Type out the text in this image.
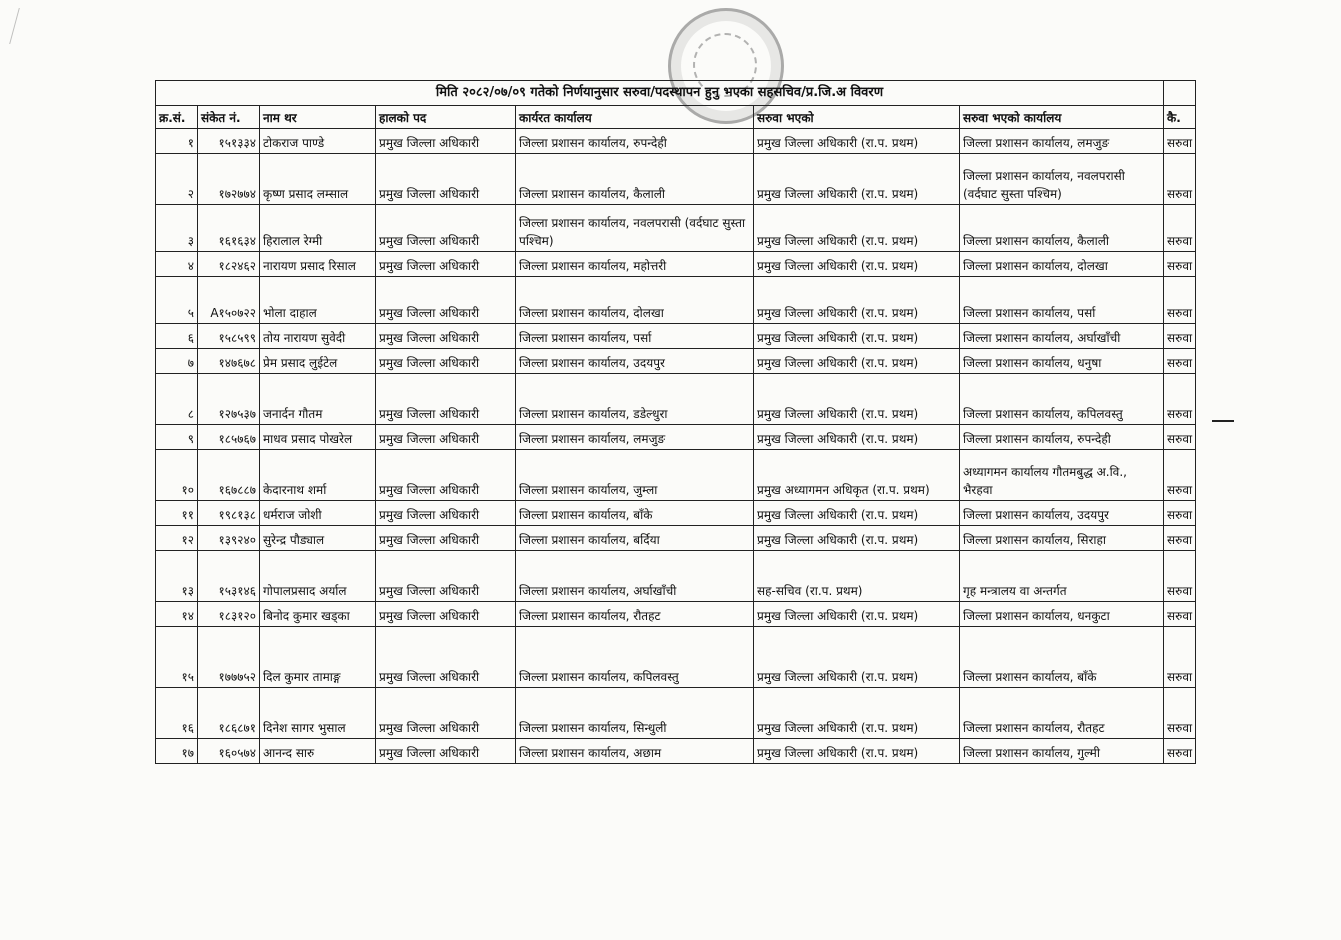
मिति २०८२/०७/०९ गतेको निर्णयानुसार सरुवा/पदस्थापन हुनु भएका सहसचिव/प्र.जि.अ विवरण							
क्र.सं.	संकेत नं.	नाम थर	हालको पद	कार्यरत कार्यालय	सरुवा भएको	सरुवा भएको कार्यालय	कै.
१	१५१३३४	टोकराज पाण्डे	प्रमुख जिल्ला अधिकारी	जिल्ला प्रशासन कार्यालय, रुपन्देही	प्रमुख जिल्ला अधिकारी (रा.प. प्रथम)	जिल्ला प्रशासन कार्यालय, लमजुङ	सरुवा
२	१७२७७४	कृष्ण प्रसाद लम्साल	प्रमुख जिल्ला अधिकारी	जिल्ला प्रशासन कार्यालय, कैलाली	प्रमुख जिल्ला अधिकारी (रा.प. प्रथम)	जिल्ला प्रशासन कार्यालय, नवलपरासी (वर्दघाट सुस्ता पश्चिम)	सरुवा
३	१६१६३४	हिरालाल रेग्मी	प्रमुख जिल्ला अधिकारी	जिल्ला प्रशासन कार्यालय, नवलपरासी (वर्दघाट सुस्ता पश्चिम)	प्रमुख जिल्ला अधिकारी (रा.प. प्रथम)	जिल्ला प्रशासन कार्यालय, कैलाली	सरुवा
४	१८२४६२	नारायण प्रसाद रिसाल	प्रमुख जिल्ला अधिकारी	जिल्ला प्रशासन कार्यालय, महोत्तरी	प्रमुख जिल्ला अधिकारी (रा.प. प्रथम)	जिल्ला प्रशासन कार्यालय, दोलखा	सरुवा
५	A१५०७२२	भोला दाहाल	प्रमुख जिल्ला अधिकारी	जिल्ला प्रशासन कार्यालय, दोलखा	प्रमुख जिल्ला अधिकारी (रा.प. प्रथम)	जिल्ला प्रशासन कार्यालय, पर्सा	सरुवा
६	१५८५९९	तोय नारायण सुवेदी	प्रमुख जिल्ला अधिकारी	जिल्ला प्रशासन कार्यालय, पर्सा	प्रमुख जिल्ला अधिकारी (रा.प. प्रथम)	जिल्ला प्रशासन कार्यालय, अर्घाखाँची	सरुवा
७	१४७६७८	प्रेम प्रसाद लुईटेल	प्रमुख जिल्ला अधिकारी	जिल्ला प्रशासन कार्यालय, उदयपुर	प्रमुख जिल्ला अधिकारी (रा.प. प्रथम)	जिल्ला प्रशासन कार्यालय, धनुषा	सरुवा
८	१२७५३७	जनार्दन गौतम	प्रमुख जिल्ला अधिकारी	जिल्ला प्रशासन कार्यालय, डडेल्धुरा	प्रमुख जिल्ला अधिकारी (रा.प. प्रथम)	जिल्ला प्रशासन कार्यालय, कपिलवस्तु	सरुवा
९	१८५७६७	माधव प्रसाद पोखरेल	प्रमुख जिल्ला अधिकारी	जिल्ला प्रशासन कार्यालय, लमजुङ	प्रमुख जिल्ला अधिकारी (रा.प. प्रथम)	जिल्ला प्रशासन कार्यालय, रुपन्देही	सरुवा
१०	१६७८८७	केदारनाथ शर्मा	प्रमुख जिल्ला अधिकारी	जिल्ला प्रशासन कार्यालय, जुम्ला	प्रमुख अध्यागमन अधिकृत (रा.प. प्रथम)	अध्यागमन कार्यालय गौतमबुद्ध अ.वि., भैरहवा	सरुवा
११	१९८१३८	धर्मराज जोशी	प्रमुख जिल्ला अधिकारी	जिल्ला प्रशासन कार्यालय, बाँके	प्रमुख जिल्ला अधिकारी (रा.प. प्रथम)	जिल्ला प्रशासन कार्यालय, उदयपुर	सरुवा
१२	१३९२४०	सुरेन्द्र पौड्याल	प्रमुख जिल्ला अधिकारी	जिल्ला प्रशासन कार्यालय, बर्दिया	प्रमुख जिल्ला अधिकारी (रा.प. प्रथम)	जिल्ला प्रशासन कार्यालय, सिराहा	सरुवा
१३	१५३१४६	गोपालप्रसाद अर्याल	प्रमुख जिल्ला अधिकारी	जिल्ला प्रशासन कार्यालय, अर्घाखाँची	सह-सचिव (रा.प. प्रथम)	गृह मन्त्रालय वा अन्तर्गत	सरुवा
१४	१८३१२०	बिनोद कुमार खड्का	प्रमुख जिल्ला अधिकारी	जिल्ला प्रशासन कार्यालय, रौतहट	प्रमुख जिल्ला अधिकारी (रा.प. प्रथम)	जिल्ला प्रशासन कार्यालय, धनकुटा	सरुवा
१५	१७७७५२	दिल कुमार तामाङ्ग	प्रमुख जिल्ला अधिकारी	जिल्ला प्रशासन कार्यालय, कपिलवस्तु	प्रमुख जिल्ला अधिकारी (रा.प. प्रथम)	जिल्ला प्रशासन कार्यालय, बाँके	सरुवा
१६	१८६८७१	दिनेश सागर भुसाल	प्रमुख जिल्ला अधिकारी	जिल्ला प्रशासन कार्यालय, सिन्धुली	प्रमुख जिल्ला अधिकारी (रा.प. प्रथम)	जिल्ला प्रशासन कार्यालय, रौतहट	सरुवा
१७	१६०५७४	आनन्द सारु	प्रमुख जिल्ला अधिकारी	जिल्ला प्रशासन कार्यालय, अछाम	प्रमुख जिल्ला अधिकारी (रा.प. प्रथम)	जिल्ला प्रशासन कार्यालय, गुल्मी	सरुवा
